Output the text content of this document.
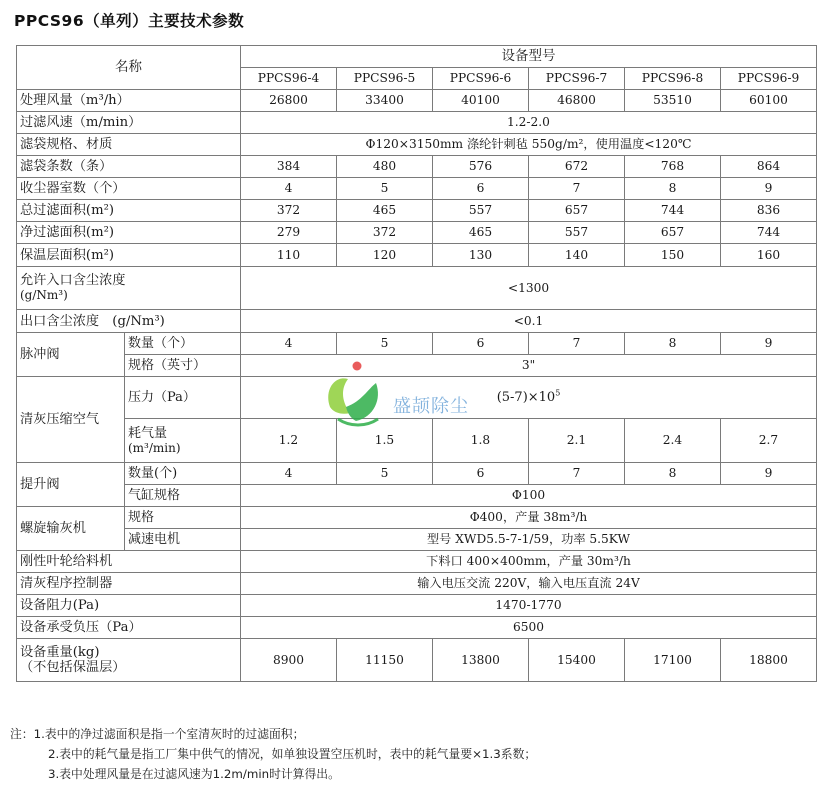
PPCS96（单列）主要技术参数
名称		设备型号					
		PPCS96-4	PPCS96-5	PPCS96-6	PPCS96-7	PPCS96-8	PPCS96-9
处理风量（m³/h）		26800	33400	40100	46800	53510	60100
过滤风速（m/min）		1.2-2.0					
滤袋规格、材质		Φ120×3150mm 涤纶针刺毡 550g/m²，使用温度<120℃					
滤袋条数（条）		384	480	576	672	768	864
收尘器室数（个）		4	5	6	7	8	9
总过滤面积(m²)		372	465	557	657	744	836
净过滤面积(m²)		279	372	465	557	657	744
保温层面积(m²)		110	120	130	140	150	160

允许入口含尘浓度
(g/Nm³)		<1300					
出口含尘浓度　(g/Nm³)		<0.1					
脉冲阀	数量（个）	4	5	6	7	8	9
	规格（英寸）	3"					
清灰压缩空气	压力（Pa）	$(5-7)\times 10^5$

	耗气量
(m³/min)	1.2	1.5	1.8	2.1	2.4	2.7
提升阀	数量(个)	4	5	6	7	8	9
	气缸规格	Φ100					
螺旋输灰机	规格	Φ400，产量 38m³/h					
	减速电机	型号 XWD5.5-7-1/59，功率 5.5KW					
刚性叶轮给料机		下料口 400×400mm，产量 30m³/h					
清灰程序控制器		输入电压交流 220V，输入电压直流 24V					
设备阻力(Pa)		1470-1770					
设备承受负压（Pa）		6500					

设备重量(kg)
（不包括保温层）		8900	11150	13800	15400	17100	18800
盛颉除尘
注：1.表中的净过滤面积是指一个室清灰时的过滤面积；
2.表中的耗气量是指工厂集中供气的情况，如单独设置空压机时，表中的耗气量要×1.3系数；
3.表中处理风量是在过滤风速为1.2m/min时计算得出。
